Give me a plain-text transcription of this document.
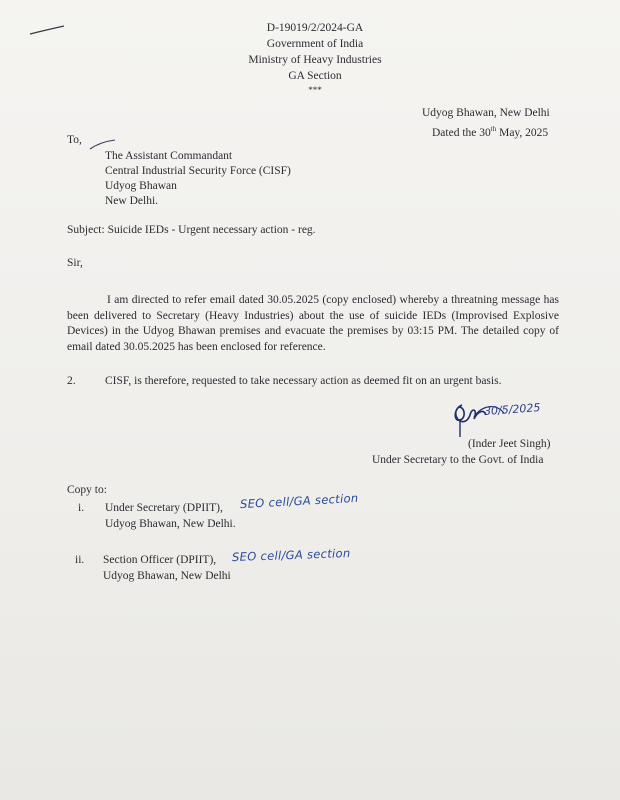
D-19019/2/2024-GA
Government of India
Ministry of Heavy Industries
GA Section
***
Udyog Bhawan, New Delhi
Dated the 30th May, 2025
To,
The Assistant Commandant
Central Industrial Security Force (CISF)
Udyog Bhawan
New Delhi.
Subject: Suicide IEDs - Urgent necessary action - reg.
Sir,
I am directed to refer email dated 30.05.2025 (copy enclosed) whereby a threatning message has been delivered to Secretary (Heavy Industries) about the use of suicide IEDs (Improvised Explosive Devices) in the Udyog Bhawan premises and evacuate the premises by 03:15 PM. The detailed copy of email dated 30.05.2025 has been enclosed for reference.
2.	CISF, is therefore, requested to take necessary action as deemed fit on an urgent basis.
30/5/2025
(Inder Jeet Singh)
Under Secretary to the Govt. of India
Copy to:
i. Under Secretary (DPIIT), SEO cell/GA section
Udyog Bhawan, New Delhi.
ii. Section Officer (DPIIT), SEO cell/GA section
Udyog Bhawan, New Delhi
